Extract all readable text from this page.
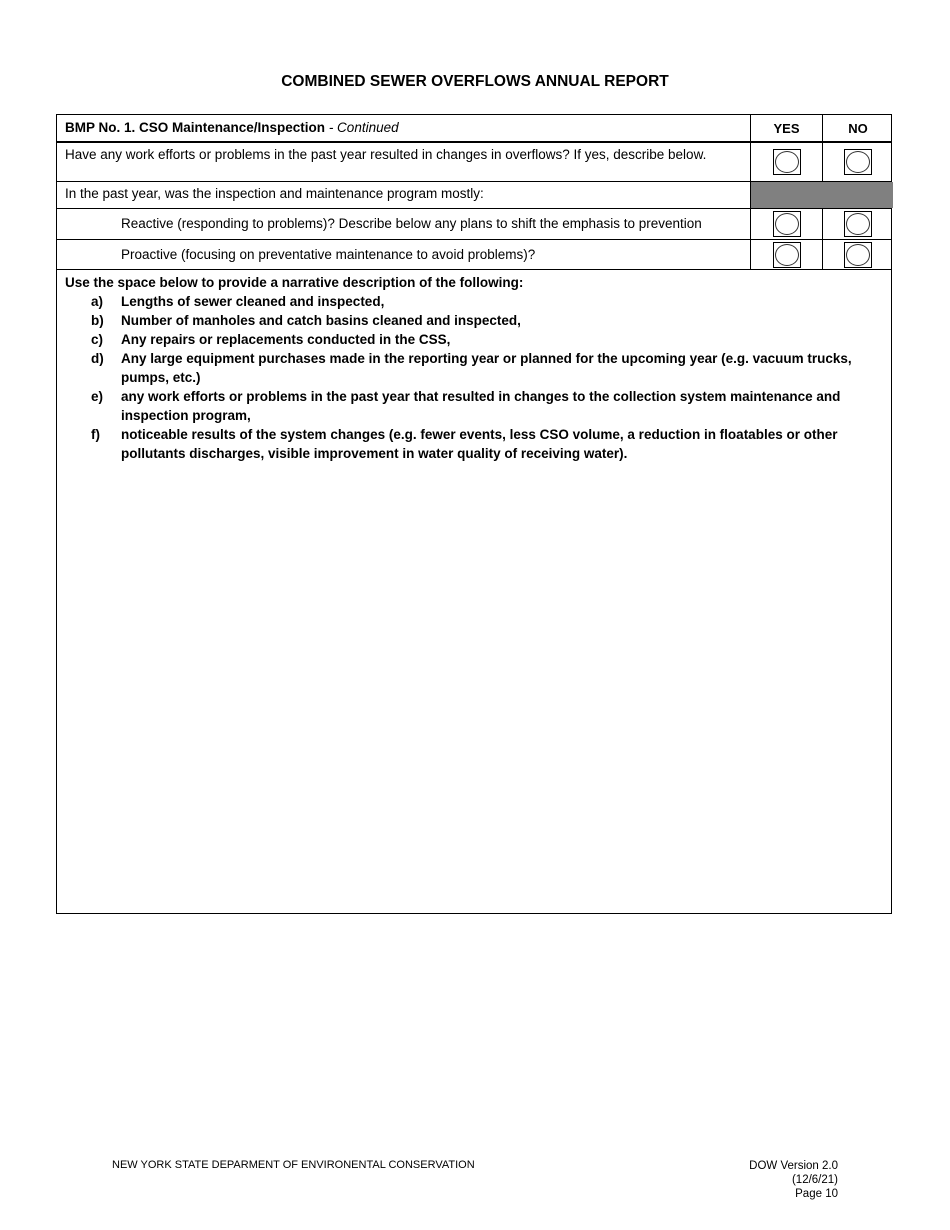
COMBINED SEWER OVERFLOWS ANNUAL REPORT
BMP No. 1. CSO Maintenance/Inspection
- Continued	YES	NO
Have any work efforts or problems in the past year resulted in changes in overflows? If yes, describe below.
In the past year, was the inspection and maintenance program mostly:
Reactive (responding to problems)? Describe below any plans to shift the emphasis to prevention
Proactive (focusing on preventative maintenance to avoid problems)?
Use the space below to provide a narrative description of the following:
a) Lengths of sewer cleaned and inspected,
b) Number of manholes and catch basins cleaned and inspected,
c) Any repairs or replacements conducted in the CSS,
d) Any large equipment purchases made in the reporting year or planned for the upcoming year (e.g. vacuum trucks, pumps, etc.)
e) any work efforts or problems in the past year that resulted in changes to the collection system maintenance and inspection program,
f) noticeable results of the system changes (e.g. fewer events, less CSO volume, a reduction in floatables or other pollutants discharges, visible improvement in water quality of receiving water).
NEW YORK STATE DEPARMENT OF ENVIRONENTAL CONSERVATION	DOW Version 2.0 (12/6/21)
Page 10
